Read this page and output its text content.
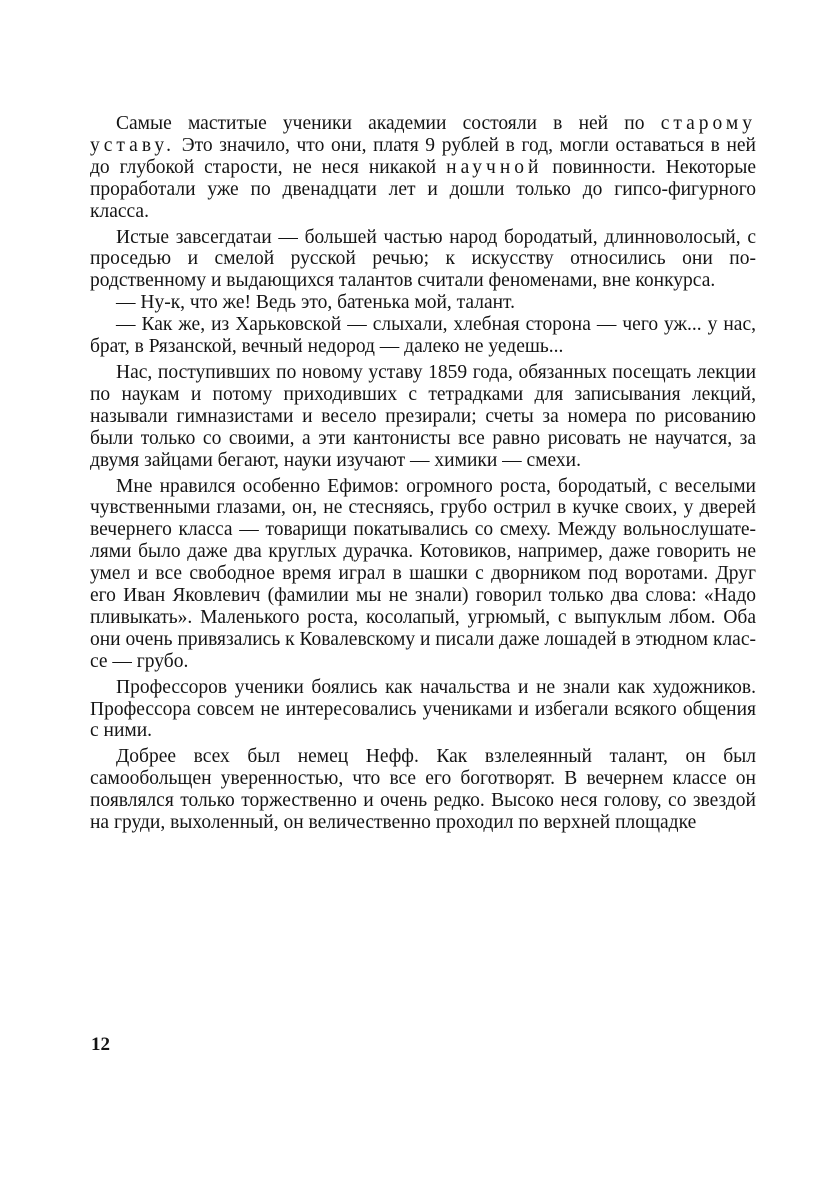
Самые маститые ученики академии состояли в ней по старому уставу. Это значило, что они, платя 9 рублей в год, могли оставаться в ней до глубокой старости, не неся никакой научной повинности. Некоторые проработали уже по двенадцати лет и дошли только до гипсо-фигурного класса.

Истые завсегдатаи — большей частью народ бородатый, длинноволосый, с проседью и смелой русской речью; к искусству относились они по-родственному и выдающихся талантов считали феноменами, вне конкурса.

— Ну-к, что же! Ведь это, батенька мой, талант.

— Как же, из Харьковской — слыхали, хлебная сторона — чего уж... у нас, брат, в Рязанской, вечный недород — далеко не уедешь...

Нас, поступивших по новому уставу 1859 года, обязанных посещать лекции по наукам и потому приходивших с тетрадками для записывания лекций, называли гимназистами и весело презирали; счеты за номера по рисованию были только со своими, а эти кантонисты все равно рисовать не научатся, за двумя зайцами бегают, науки изучают — химики — смехи.

Мне нравился особенно Ефимов: огромного роста, бородатый, с веселыми чувственными глазами, он, не стесняясь, грубо острил в кучке своих, у дверей вечернего класса — товарищи покатывались со смеху. Между вольнослушателями было даже два круглых дурачка. Котовиков, например, даже говорить не умел и все свободное время играл в шашки с дворником под воротами. Друг его Иван Яковлевич (фамилии мы не знали) говорил только два слова: «Надо пливыкать». Маленького роста, косолапый, угрюмый, с выпуклым лбом. Оба они очень привязались к Ковалевскому и писали даже лошадей в этюдном классе — грубо.

Профессоров ученики боялись как начальства и не знали как художников. Профессора совсем не интересовались учениками и избегали всякого общения с ними.

Добрее всех был немец Нефф. Как взлелеянный талант, он был самообольщен уверенностью, что все его боготворят. В вечернем классе он появлялся только торжественно и очень редко. Высоко неся голову, со звездой на груди, выхоленный, он величественно проходил по верхней площадке

12
